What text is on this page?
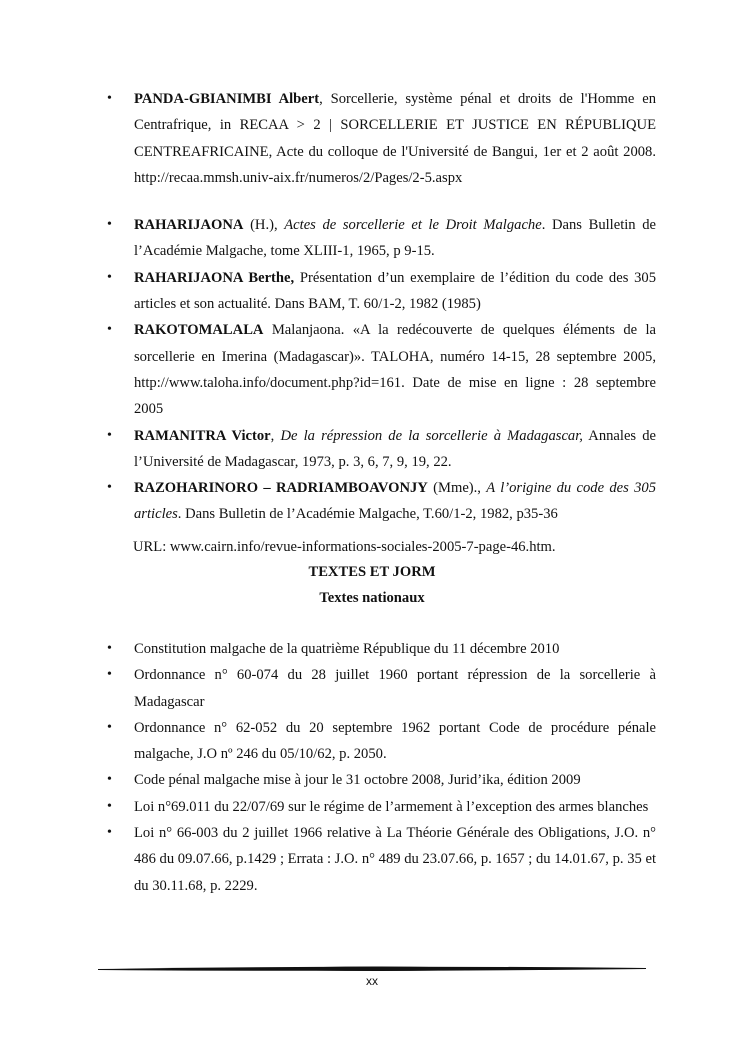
• PANDA-GBIANIMBI Albert, Sorcellerie, système pénal et droits de l'Homme en Centrafrique, in RECAA > 2 | SORCELLERIE ET JUSTICE EN RÉPUBLIQUE CENTREAFRICAINE, Acte du colloque de l'Université de Bangui, 1er et 2 août 2008. http://recaa.mmsh.univ-aix.fr/numeros/2/Pages/2-5.aspx
• RAHARIJAONA (H.), Actes de sorcellerie et le Droit Malgache. Dans Bulletin de l’Académie Malgache, tome XLIII-1, 1965, p 9-15.
• RAHARIJAONA Berthe, Présentation d’un exemplaire de l’édition du code des 305 articles et son actualité. Dans BAM, T. 60/1-2, 1982 (1985)
• RAKOTOMALALA Malanjaona. «A la redécouverte de quelques éléments de la sorcellerie en Imerina (Madagascar)». TALOHA, numéro 14-15, 28 septembre 2005, http://www.taloha.info/document.php?id=161. Date de mise en ligne : 28 septembre 2005
• RAMANITRA Victor, De la répression de la sorcellerie à Madagascar, Annales de l’Université de Madagascar, 1973, p. 3, 6, 7, 9, 19, 22.
• RAZOHARINORO – RADRIAMBOAVONJY (Mme)., A l’origine du code des 305 articles. Dans Bulletin de l’Académie Malgache, T.60/1-2, 1982, p35-36
URL: www.cairn.info/revue-informations-sociales-2005-7-page-46.htm.
TEXTES ET JORM
Textes nationaux
• Constitution malgache de la quatrième République du 11 décembre 2010
• Ordonnance n° 60-074 du 28 juillet 1960 portant répression de la sorcellerie à Madagascar
• Ordonnance n° 62-052 du 20 septembre 1962 portant Code de procédure pénale malgache, J.O nº 246 du 05/10/62, p. 2050.
• Code pénal malgache mise à jour le 31 octobre 2008, Jurid’ika, édition 2009
• Loi n°69.011 du 22/07/69 sur le régime de l’armement à l’exception des armes blanches
• Loi n° 66-003 du 2 juillet 1966 relative à La Théorie Générale des Obligations, J.O. n° 486 du 09.07.66, p.1429 ; Errata : J.O. n° 489 du 23.07.66, p. 1657 ; du 14.01.67, p. 35 et du 30.11.68, p. 2229.
xx
